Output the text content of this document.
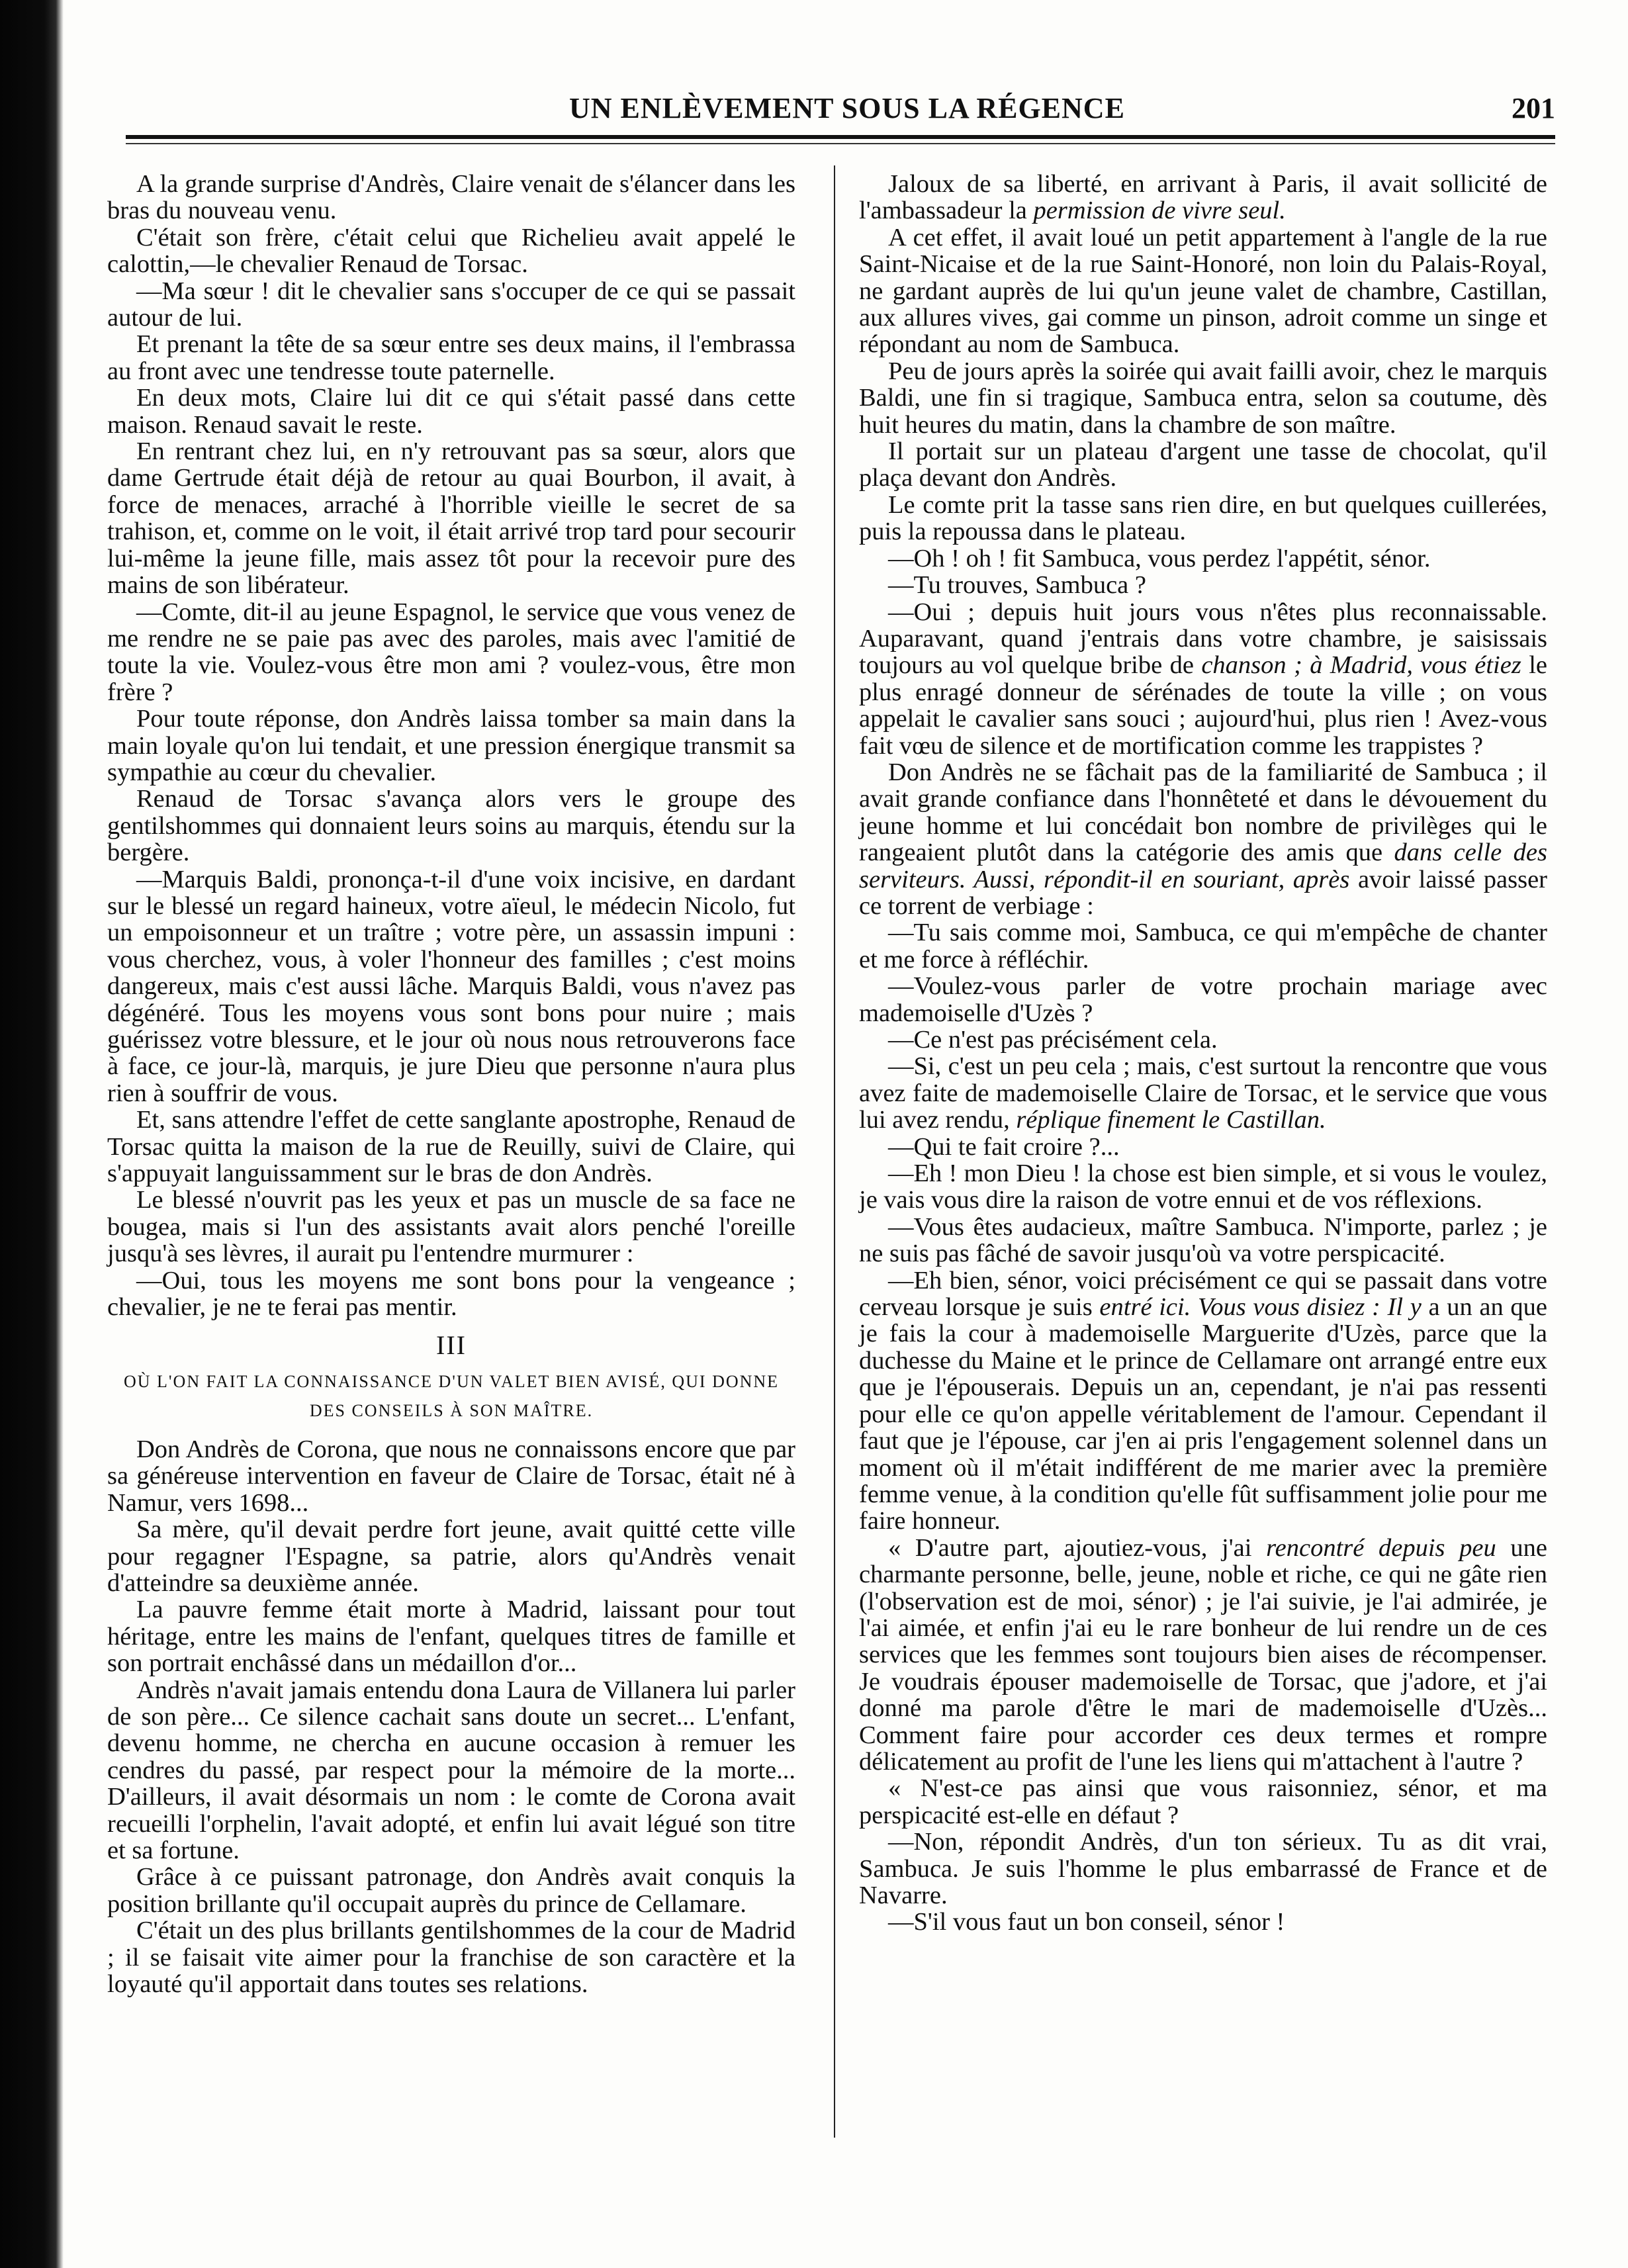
UN ENLÈVEMENT SOUS LA RÉGENCE	201

A la grande surprise d'Andrès, Claire venait de s'élancer dans les bras du nouveau venu.

C'était son frère, c'était celui que Richelieu avait appelé le calottin,—le chevalier Renaud de Torsac.

—Ma sœur ! dit le chevalier sans s'occuper de ce qui se passait autour de lui.

Et prenant la tête de sa sœur entre ses deux mains, il l'embrassa au front avec une tendresse toute paternelle.

En deux mots, Claire lui dit ce qui s'était passé dans cette maison. Renaud savait le reste.

En rentrant chez lui, en n'y retrouvant pas sa sœur, alors que dame Gertrude était déjà de retour au quai Bourbon, il avait, à force de menaces, arraché à l'horrible vieille le secret de sa trahison, et, comme on le voit, il était arrivé trop tard pour secourir lui-même la jeune fille, mais assez tôt pour la recevoir pure des mains de son libérateur.

—Comte, dit-il au jeune Espagnol, le service que vous venez de me rendre ne se paie pas avec des paroles, mais avec l'amitié de toute la vie. Voulez-vous être mon ami ? voulez-vous, être mon frère ?

Pour toute réponse, don Andrès laissa tomber sa main dans la main loyale qu'on lui tendait, et une pression énergique transmit sa sympathie au cœur du chevalier.

Renaud de Torsac s'avança alors vers le groupe des gentilshommes qui donnaient leurs soins au marquis, étendu sur la bergère.

—Marquis Baldi, prononça-t-il d'une voix incisive, en dardant sur le blessé un regard haineux, votre aïeul, le médecin Nicolo, fut un empoisonneur et un traître ; votre père, un assassin impuni : vous cherchez, vous, à voler l'honneur des familles ; c'est moins dangereux, mais c'est aussi lâche. Marquis Baldi, vous n'avez pas dégénéré. Tous les moyens vous sont bons pour nuire ; mais guérissez votre blessure, et le jour où nous nous retrouverons face à face, ce jour-là, marquis, je jure Dieu que personne n'aura plus rien à souffrir de vous.

Et, sans attendre l'effet de cette sanglante apostrophe, Renaud de Torsac quitta la maison de la rue de Reuilly, suivi de Claire, qui s'appuyait languissamment sur le bras de don Andrès.

Le blessé n'ouvrit pas les yeux et pas un muscle de sa face ne bougea, mais si l'un des assistants avait alors penché l'oreille jusqu'à ses lèvres, il aurait pu l'entendre murmurer :

—Oui, tous les moyens me sont bons pour la vengeance ; chevalier, je ne te ferai pas mentir.

III
OÙ L'ON FAIT LA CONNAISSANCE D'UN VALET BIEN AVISÉ, QUI DONNE DES CONSEILS À SON MAÎTRE.

Don Andrès de Corona, que nous ne connaissons encore que par sa généreuse intervention en faveur de Claire de Torsac, était né à Namur, vers 1698...

Sa mère, qu'il devait perdre fort jeune, avait quitté cette ville pour regagner l'Espagne, sa patrie, alors qu'Andrès venait d'atteindre sa deuxième année.

La pauvre femme était morte à Madrid, laissant pour tout héritage, entre les mains de l'enfant, quelques titres de famille et son portrait enchâssé dans un médaillon d'or...

Andrès n'avait jamais entendu dona Laura de Villanera lui parler de son père... Ce silence cachait sans doute un secret... L'enfant, devenu homme, ne chercha en aucune occasion à remuer les cendres du passé, par respect pour la mémoire de la morte... D'ailleurs, il avait désormais un nom : le comte de Corona avait recueilli l'orphelin, l'avait adopté, et enfin lui avait légué son titre et sa fortune.

Grâce à ce puissant patronage, don Andrès avait conquis la position brillante qu'il occupait auprès du prince de Cellamare.

C'était un des plus brillants gentilshommes de la cour de Madrid ; il se faisait vite aimer pour la franchise de son caractère et la loyauté qu'il apportait dans toutes ses relations.

Jaloux de sa liberté, en arrivant à Paris, il avait sollicité de l'ambassadeur la permission de vivre seul.

A cet effet, il avait loué un petit appartement à l'angle de la rue Saint-Nicaise et de la rue Saint-Honoré, non loin du Palais-Royal, ne gardant auprès de lui qu'un jeune valet de chambre, Castillan, aux allures vives, gai comme un pinson, adroit comme un singe et répondant au nom de Sambuca.

Peu de jours après la soirée qui avait failli avoir, chez le marquis Baldi, une fin si tragique, Sambuca entra, selon sa coutume, dès huit heures du matin, dans la chambre de son maître.

Il portait sur un plateau d'argent une tasse de chocolat, qu'il plaça devant don Andrès.

Le comte prit la tasse sans rien dire, en but quelques cuillerées, puis la repoussa dans le plateau.

—Oh ! oh ! fit Sambuca, vous perdez l'appétit, sénor.

—Tu trouves, Sambuca ?

—Oui ; depuis huit jours vous n'êtes plus reconnaissable. Auparavant, quand j'entrais dans votre chambre, je saisissais toujours au vol quelque bribe de chanson ; à Madrid, vous étiez le plus enragé donneur de sérénades de toute la ville ; on vous appelait le cavalier sans souci ; aujourd'hui, plus rien ! Avez-vous fait vœu de silence et de mortification comme les trappistes ?

Don Andrès ne se fâchait pas de la familiarité de Sambuca ; il avait grande confiance dans l'honnêteté et dans le dévouement du jeune homme et lui concédait bon nombre de privilèges qui le rangeaient plutôt dans la catégorie des amis que dans celle des serviteurs. Aussi, répondit-il en souriant, après avoir laissé passer ce torrent de verbiage :

—Tu sais comme moi, Sambuca, ce qui m'empêche de chanter et me force à réfléchir.

—Voulez-vous parler de votre prochain mariage avec mademoiselle d'Uzès ?

—Ce n'est pas précisément cela.

—Si, c'est un peu cela ; mais, c'est surtout la rencontre que vous avez faite de mademoiselle Claire de Torsac, et le service que vous lui avez rendu, réplique finement le Castillan.

—Qui te fait croire ?...

—Eh ! mon Dieu ! la chose est bien simple, et si vous le voulez, je vais vous dire la raison de votre ennui et de vos réflexions.

—Vous êtes audacieux, maître Sambuca. N'importe, parlez ; je ne suis pas fâché de savoir jusqu'où va votre perspicacité.

—Eh bien, sénor, voici précisément ce qui se passait dans votre cerveau lorsque je suis entré ici. Vous vous disiez : Il y a un an que je fais la cour à mademoiselle Marguerite d'Uzès, parce que la duchesse du Maine et le prince de Cellamare ont arrangé entre eux que je l'épouserais. Depuis un an, cependant, je n'ai pas ressenti pour elle ce qu'on appelle véritablement de l'amour. Cependant il faut que je l'épouse, car j'en ai pris l'engagement solennel dans un moment où il m'était indifférent de me marier avec la première femme venue, à la condition qu'elle fût suffisamment jolie pour me faire honneur.

« D'autre part, ajoutiez-vous, j'ai rencontré depuis peu une charmante personne, belle, jeune, noble et riche, ce qui ne gâte rien (l'observation est de moi, sénor) ; je l'ai suivie, je l'ai admirée, je l'ai aimée, et enfin j'ai eu le rare bonheur de lui rendre un de ces services que les femmes sont toujours bien aises de récompenser. Je voudrais épouser mademoiselle de Torsac, que j'adore, et j'ai donné ma parole d'être le mari de mademoiselle d'Uzès... Comment faire pour accorder ces deux termes et rompre délicatement au profit de l'une les liens qui m'attachent à l'autre ?

« N'est-ce pas ainsi que vous raisonniez, sénor, et ma perspicacité est-elle en défaut ?

—Non, répondit Andrès, d'un ton sérieux. Tu as dit vrai, Sambuca. Je suis l'homme le plus embarrassé de France et de Navarre.

—S'il vous faut un bon conseil, sénor !
